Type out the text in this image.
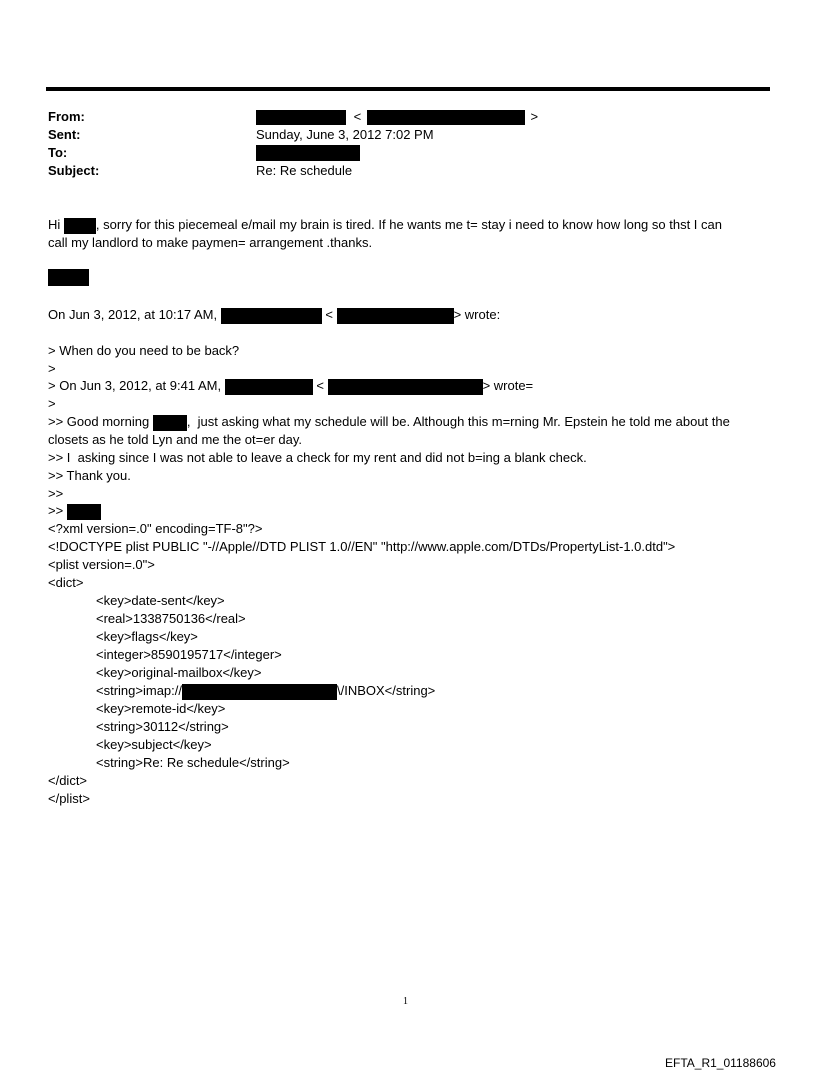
From:	<	>
Sent:	Sunday, June 3, 2012 7:02 PM
To:
Subject:	Re: Re schedule
Hi	, sorry for this piecemeal e/mail my brain is tired. If he wants me t= stay i need to know how long so thst I can
call my landlord to make paymen= arrangement .thanks.
On Jun 3, 2012, at 10:17 AM,	<	> wrote:
> When do you need to be back?
>
> On Jun 3, 2012, at 9:41 AM,	<	> wrote=
>
>> Good morning	,  just asking what my schedule will be. Although this m=rning Mr. Epstein he told me about the
closets as he told Lyn and me the ot=er day.
>> I  asking since I was not able to leave a check for my rent and did not b=ing a blank check.
>> Thank you.
>>
>>
<?xml version=.0" encoding=TF-8"?>
<!DOCTYPE plist PUBLIC "-//Apple//DTD PLIST 1.0//EN" "http://www.apple.com/DTDs/PropertyList-1.0.dtd">
<plist version=.0">
<dict>
<key>date-sent</key>
<real>1338750136</real>
<key>flags</key>
<integer>8590195717</integer>
<key>original-mailbox</key>
<string>imap://	\/INBOX</string>
<key>remote-id</key>
<string>30112</string>
<key>subject</key>
<string>Re: Re schedule</string>
</dict>
</plist>
1
EFTA_R1_01188606
